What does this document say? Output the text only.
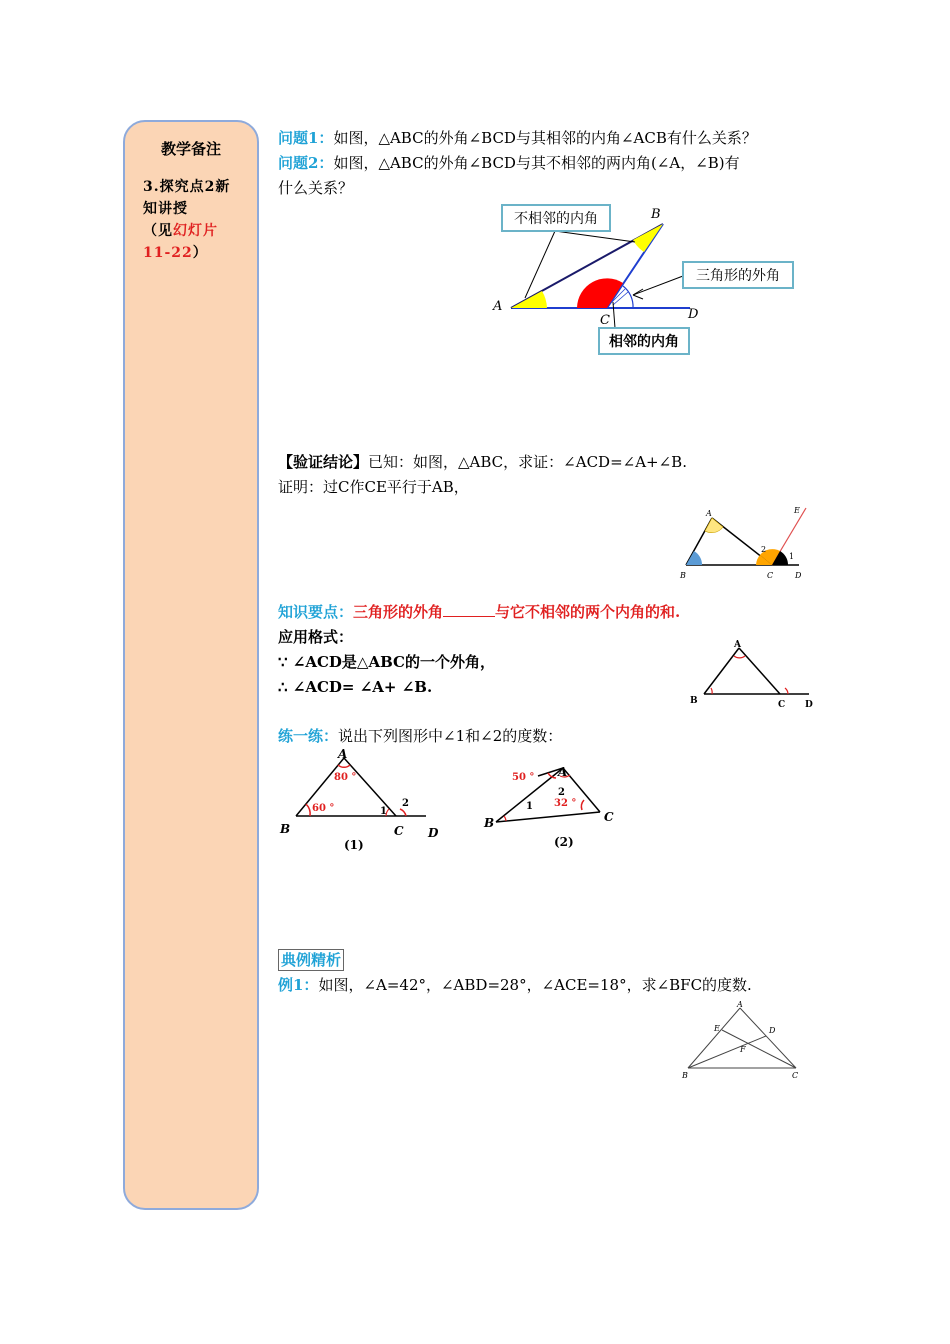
教学备注
3.探究点2新
知讲授
（见幻灯片
11-22）
问题1：如图，△ABC的外角∠BCD与其相邻的内角∠ACB有什么关系？
问题2：如图，△ABC的外角∠BCD与其不相邻的两内角(∠A，∠B)有
什么关系？
不相邻的内角
三角形的外角
相邻的内角
A
B
C	D
【验证结论】已知：如图，△ABC，求证：∠ACD=∠A+∠B.
证明：过C作CE平行于AB，
A
B	C	D
E
1
2
知识要点：三角形的外角	与它不相邻的两个内角的和.
应用格式：
∵ ∠ACD是△ABC的一个外角，
∴ ∠ACD= ∠A+ ∠B.
A
B	C D
练一练：说出下列图形中∠1和∠2的度数：
A
B	C D
80 °
60 °	1
2
(1)
A
B	C
50 °
32 °
1
2
(2)
典例精析
例1：如图，∠A=42°，∠ABD=28°，∠ACE=18°，求∠BFC的度数.
A
B	C
D
E
F
